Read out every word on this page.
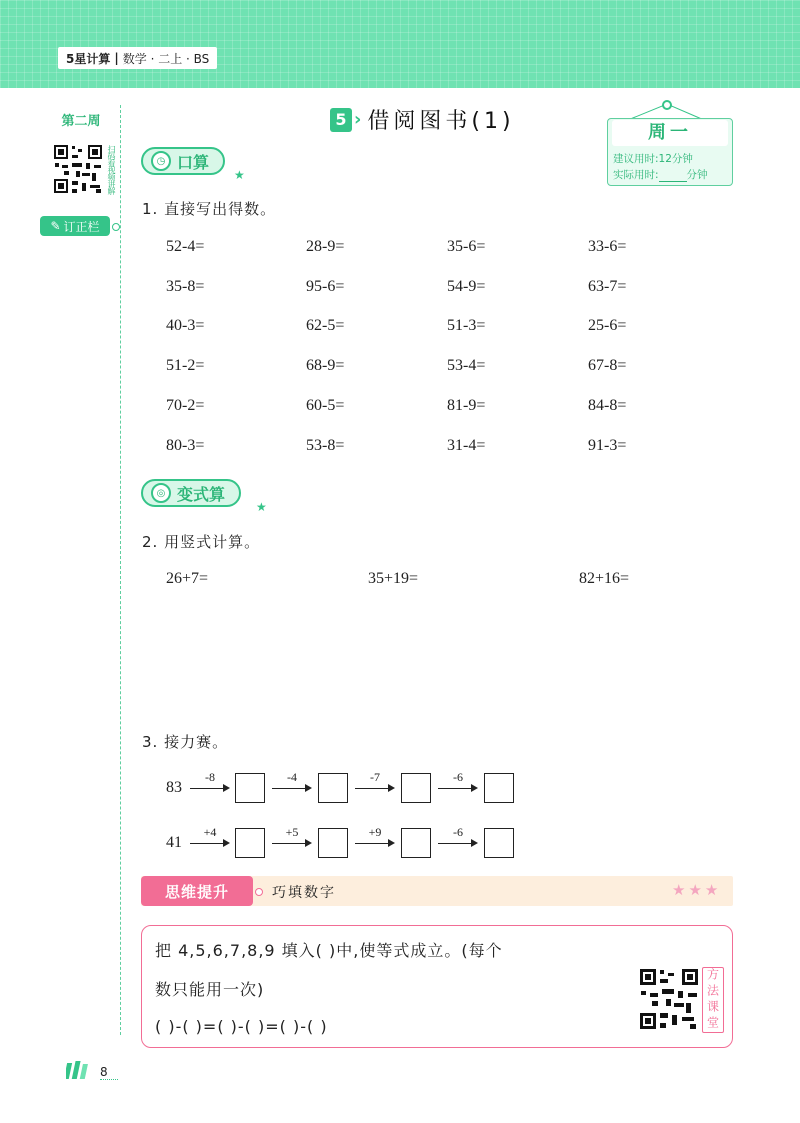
5星计算 | 数学 · 二上 · BS
第二周
扫码看视频讲解
✎ 订正栏
5 › 借阅图书(1)	周一
建议用时:12分钟
实际用时:	分钟
◷ 口算
★
1. 直接写出得数。
52-4=	28-9=	35-6=	33-6=
35-8=	95-6=	54-9=	63-7=
40-3=	62-5=	51-3=	25-6=
51-2=	68-9=	53-4=	67-8=
70-2=	60-5=	81-9=	84-8=
80-3=	53-8=	31-4=	91-3=
◎ 变式算
★
2. 用竖式计算。
26+7=	35+19=	82+16=
3. 接力赛。
83
-8	-4	-7	-6
41
+4	+5	+9	-6
思维提升	巧填数字	★★★
把 4,5,6,7,8,9 填入( )中,使等式成立。(每个
数只能用一次)
( )-( )=( )-( )=( )-( )	方法课堂
8
